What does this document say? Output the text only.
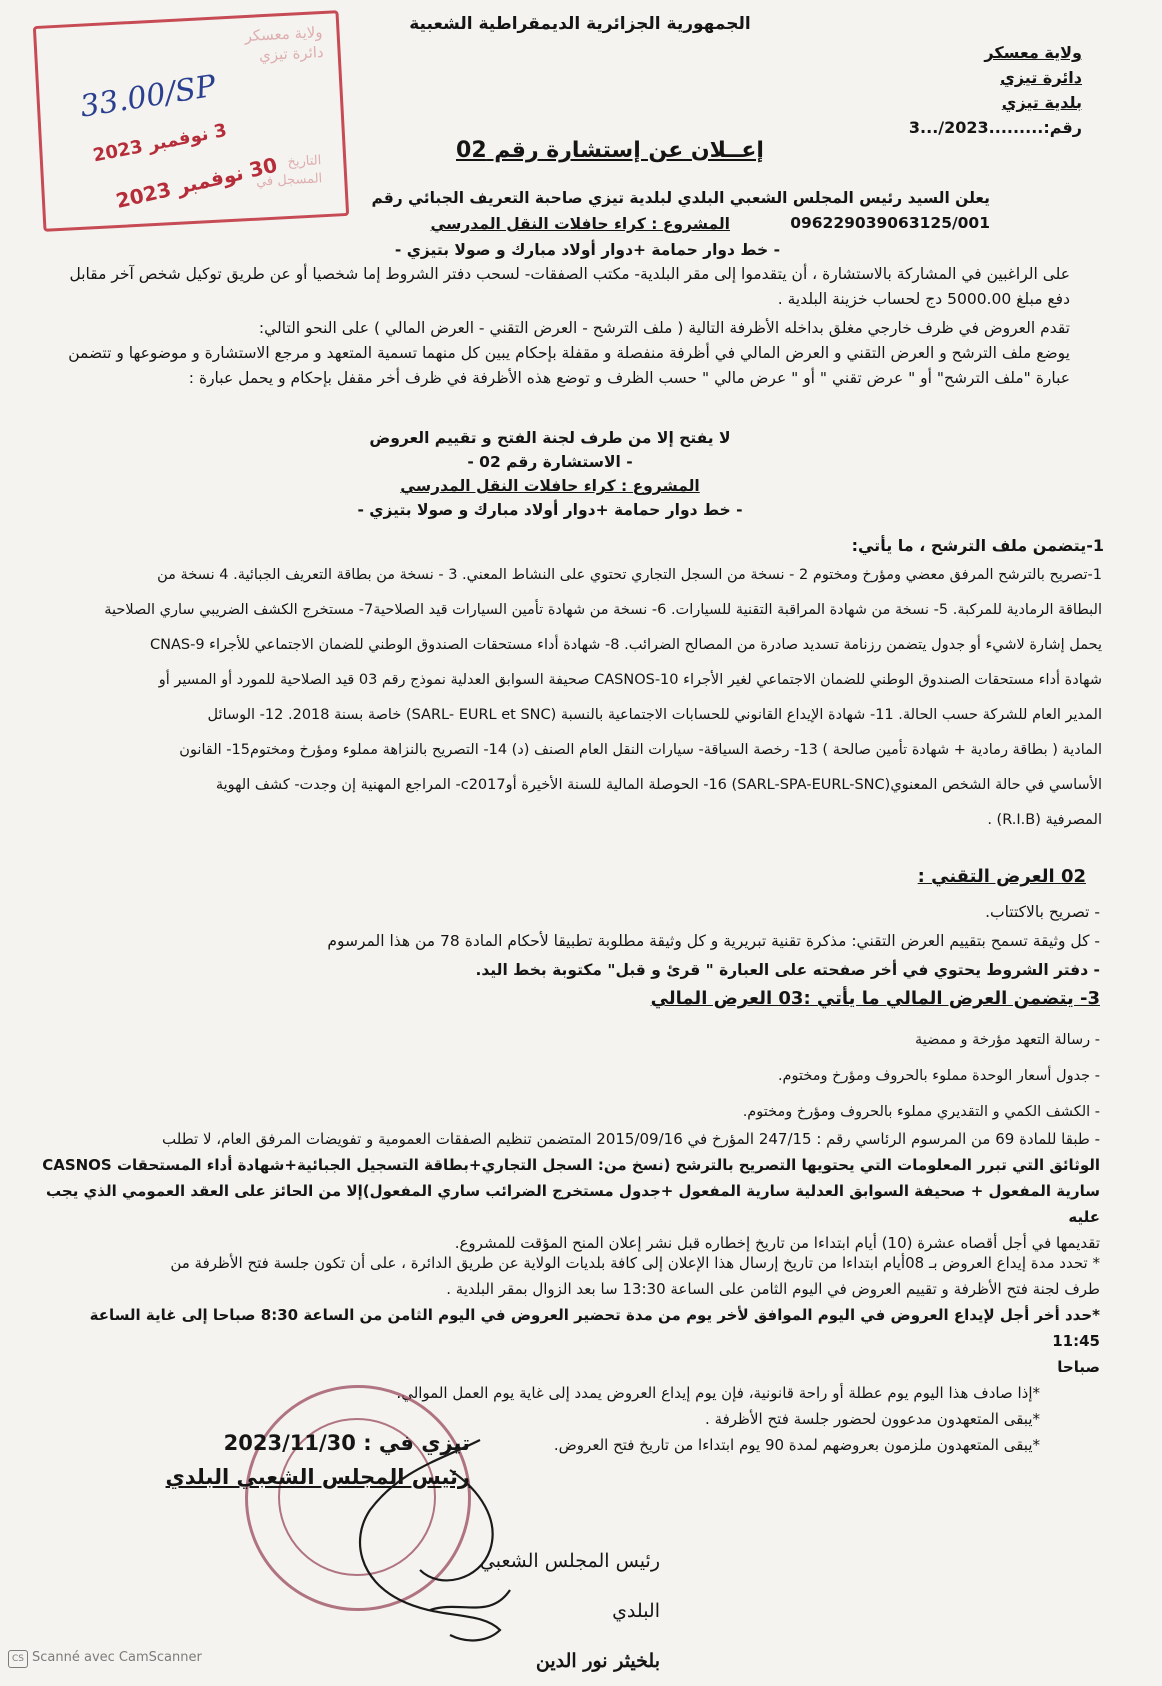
الجمهورية الجزائرية الديمقراطية الشعبية
ولاية معسكر
دائرة تيزي
بلدية تيزي
رقم:.........2023/...3
ولاية معسكر
دائرة تيزي
33.00/SP
3 نوفمبر 2023
التاريخ
المسجل في
30 نوفمبر 2023
إعــلان عن إستشارة رقم 02
يعلن السيد رئيس المجلس الشعبي البلدي لبلدية تيزي صاحبة التعريف الجبائي رقم 096229039063125/001
المشروع : كراء حافلات النقل المدرسي
- خط دوار حمامة +دوار أولاد مبارك و صولا بتيزي -
على الراغبين في المشاركة بالاستشارة ، أن يتقدموا إلى مقر البلدية- مكتب الصفقات- لسحب دفتر الشروط إما شخصيا أو عن طريق توكيل شخص آخر مقابل دفع مبلغ 5000.00 دج لحساب خزينة البلدية .
تقدم العروض في ظرف خارجي مغلق بداخله الأظرفة التالية ( ملف الترشح - العرض التقني - العرض المالي ) على النحو التالي:
يوضع ملف الترشح و العرض التقني و العرض المالي في أظرفة منفصلة و مقفلة بإحكام يبين كل منهما تسمية المتعهد و مرجع الاستشارة و موضوعها و تتضمن عبارة "ملف الترشح" أو " عرض تقني " أو " عرض مالي " حسب الظرف و توضع هذه الأظرفة في ظرف أخر مقفل بإحكام و يحمل عبارة :
لا يفتح إلا من طرف لجنة الفتح و تقييم العروض
- الاستشارة رقم 02 -
المشروع : كراء حافلات النقل المدرسي
- خط دوار حمامة +دوار أولاد مبارك و صولا بتيزي -
1-يتضمن ملف الترشح ، ما يأتي:
1-تصريح بالترشح المرفق معضي ومؤرخ ومختوم 2 - نسخة من السجل التجاري تحتوي على النشاط المعني. 3 - نسخة من بطاقة التعريف الجبائية. 4 نسخة من
البطاقة الرمادية للمركبة. 5- نسخة من شهادة المراقبة التقنية للسيارات. 6- نسخة من شهادة تأمين السيارات قيد الصلاحية7- مستخرج الكشف الضريبي ساري الصلاحية
يحمل إشارة لاشيء أو جدول يتضمن رزنامة تسديد صادرة من المصالح الضرائب. 8- شهادة أداء مستحقات الصندوق الوطني للضمان الاجتماعي للأجراء CNAS-9
شهادة أداء مستحقات الصندوق الوطني للضمان الاجتماعي لغير الأجراء CASNOS-10 صحيفة السوابق العدلية نموذج رقم 03 قيد الصلاحية للمورد أو المسير أو
المدير العام للشركة حسب الحالة. 11- شهادة الإيداع القانوني للحسابات الاجتماعية بالنسبة (SARL- EURL et SNC) خاصة بسنة 2018. 12- الوسائل
المادية ( بطاقة رمادية + شهادة تأمين صالحة ) 13- رخصة السياقة- سيارات النقل العام الصنف (د) 14- التصريح بالنزاهة مملوء ومؤرخ ومختوم15- القانون
الأساسي في حالة الشخص المعنوي(SARL-SPA-EURL-SNC) 16- الحوصلة المالية للسنة الأخيرة أوc2017- المراجع المهنية إن وجدت- كشف الهوية
المصرفية (R.I.B) .
02 العرض التقني :
- تصريح بالاكتتاب.
- كل وثيقة تسمح بتقييم العرض التقني: مذكرة تقنية تبريرية و كل وثيقة مطلوبة تطبيقا لأحكام المادة 78 من هذا المرسوم
- دفتر الشروط يحتوي في أخر صفحته على العبارة " قرئ و قبل" مكتوبة بخط اليد.
3- يتضمن العرض المالي ما يأتي :03 العرض المالي
- رسالة التعهد مؤرخة و ممضية
- جدول أسعار الوحدة مملوء بالحروف ومؤرخ ومختوم.
- الكشف الكمي و التقديري مملوء بالحروف ومؤرخ ومختوم.
- طبقا للمادة 69 من المرسوم الرئاسي رقم : 247/15 المؤرخ في 2015/09/16 المتضمن تنظيم الصفقات العمومية و تفويضات المرفق العام، لا تطلب
الوثائق التي تبرر المعلومات التي يحتويها التصريح بالترشح (نسخ من: السجل التجاري+بطاقة التسجيل الجبائية+شهادة أداء المستحقات CASNOS
سارية المفعول + صحيفة السوابق العدلية سارية المفعول +جدول مستخرج الضرائب ساري المفعول)إلا من الحائز على العقد العمومي الذي يجب عليه
تقديمها في أجل أقصاه عشرة (10) أيام ابتداءا من تاريخ إخطاره قبل نشر إعلان المنح المؤقت للمشروع.
* تحدد مدة إيداع العروض بـ 08أيام ابتداءا من تاريخ إرسال هذا الإعلان إلى كافة بلديات الولاية عن طريق الدائرة ، على أن تكون جلسة فتح الأظرفة من
طرف لجنة فتح الأظرفة و تقييم العروض في اليوم الثامن على الساعة 13:30 سا بعد الزوال بمقر البلدية .
*حدد أخر أجل لإيداع العروض في اليوم الموافق لأخر يوم من مدة تحضير العروض في اليوم الثامن من الساعة 8:30 صباحا إلى غاية الساعة 11:45
صباحا
*إذا صادف هذا اليوم يوم عطلة أو راحة قانونية، فإن يوم إيداع العروض يمدد إلى غاية يوم العمل الموالي.
*يبقى المتعهدون مدعوون لحضور جلسة فتح الأظرفة .
*يبقى المتعهدون ملزمون بعروضهم لمدة 90 يوم ابتداءا من تاريخ فتح العروض.
تيزي في : 2023/11/30
رئيس المجلس الشعبي البلدي
رئيس المجلس الشعبي البلدي
بلخيثر نور الدين
CS Scanné avec CamScanner
